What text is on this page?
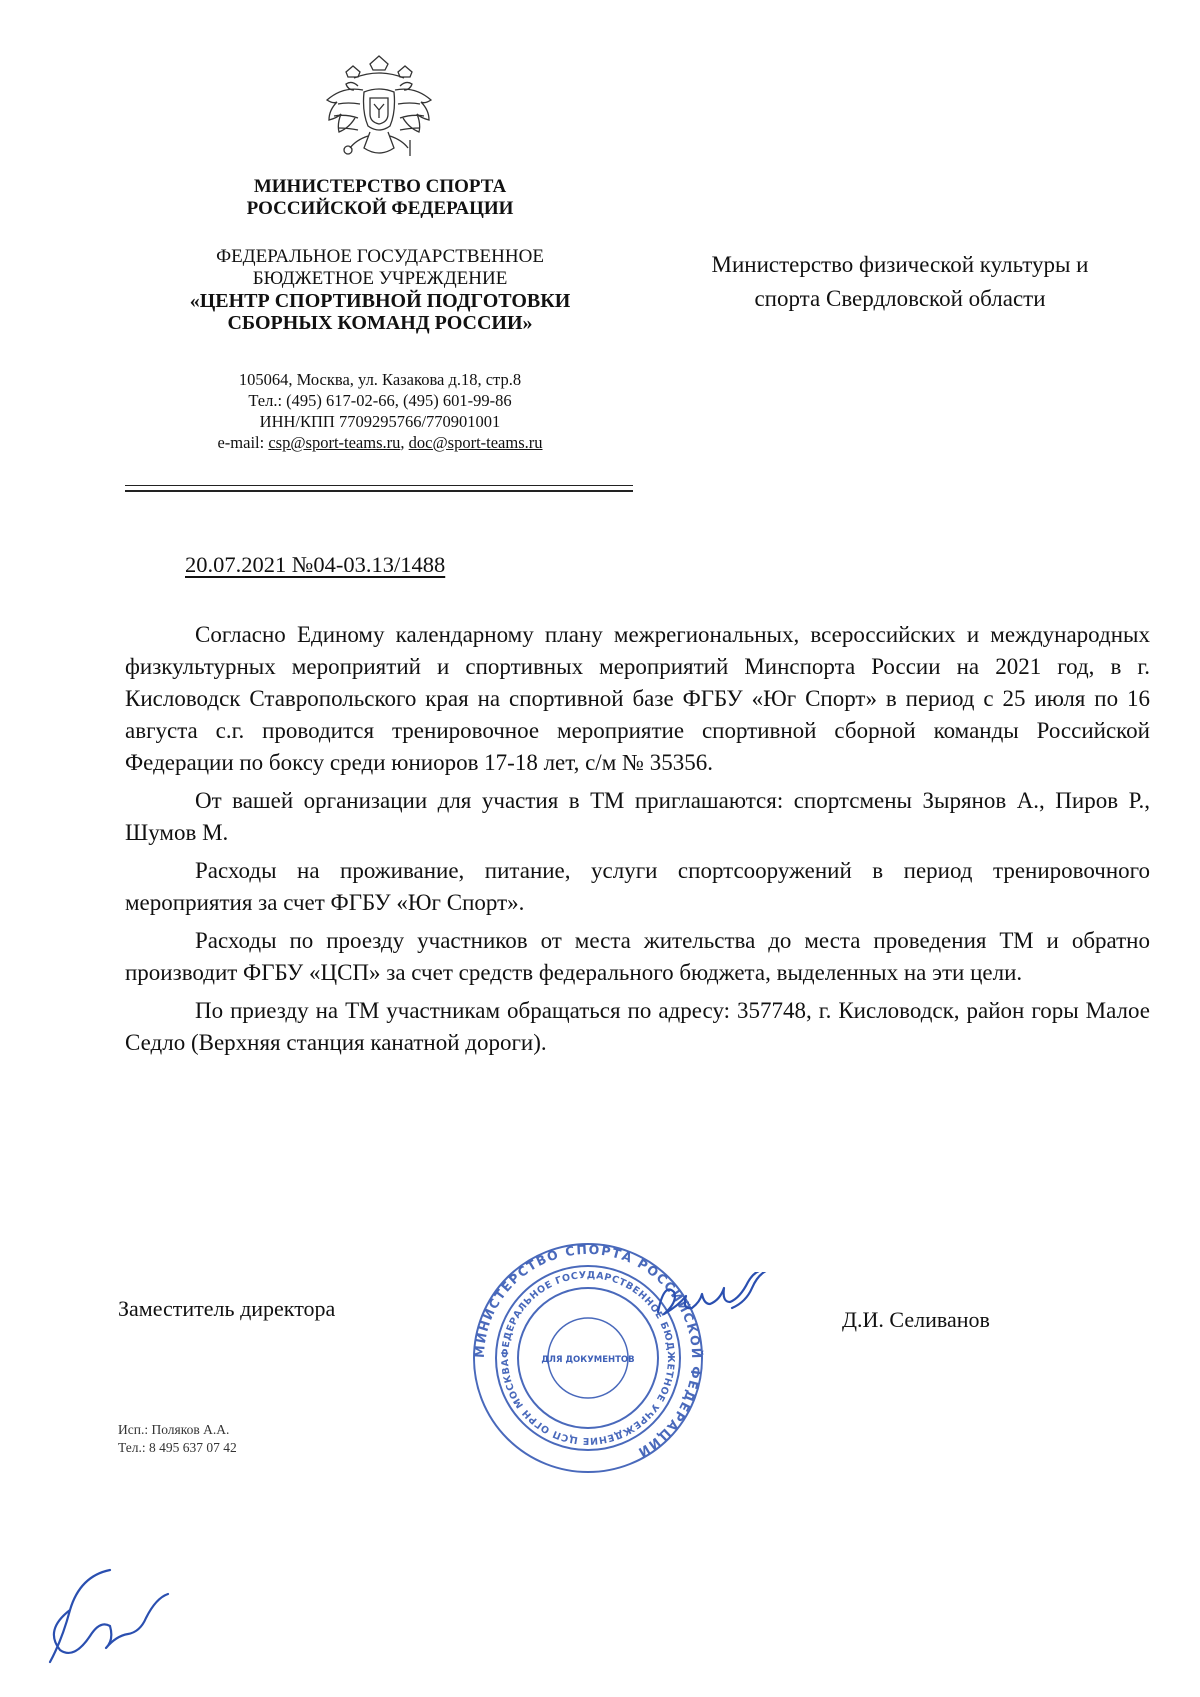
МИНИСТЕРСТВО СПОРТА
РОССИЙСКОЙ ФЕДЕРАЦИИ
ФЕДЕРАЛЬНОЕ ГОСУДАРСТВЕННОЕ
БЮДЖЕТНОЕ УЧРЕЖДЕНИЕ
«ЦЕНТР СПОРТИВНОЙ ПОДГОТОВКИ
СБОРНЫХ КОМАНД РОССИИ»
105064, Москва, ул. Казакова д.18, стр.8
Тел.: (495) 617-02-66, (495) 601-99-86
ИНН/КПП 7709295766/770901001
e-mail: csp@sport-teams.ru, doc@sport-teams.ru
Министерство физической культуры и
спорта Свердловской области
20.07.2021 №04-03.13/1488

Согласно Единому календарному плану межрегиональных, всероссийских и международных физкультурных мероприятий и спортивных мероприятий Минспорта России на 2021 год, в г. Кисловодск Ставропольского края на спортивной базе ФГБУ «Юг Спорт» в период с 25 июля по 16 августа с.г. проводится тренировочное мероприятие спортивной сборной команды Российской Федерации по боксу среди юниоров 17-18 лет, с/м № 35356.

От вашей организации для участия в ТМ приглашаются: спортсмены Зырянов А., Пиров Р., Шумов М.

Расходы на проживание, питание, услуги спортсооружений в период тренировочного мероприятия за счет ФГБУ «Юг Спорт».

Расходы по проезду участников от места жительства до места проведения ТМ и обратно производит ФГБУ «ЦСП» за счет средств федерального бюджета, выделенных на эти цели.

По приезду на ТМ участникам обращаться по адресу: 357748, г. Кисловодск, район горы Малое Седло (Верхняя станция канатной дороги).

Заместитель директора
МИНИСТЕРСТВО СПОРТА РОССИЙСКОЙ ФЕДЕРАЦИИ
ФЕДЕРАЛЬНОЕ ГОСУДАРСТВЕННОЕ БЮДЖЕТНОЕ УЧРЕЖДЕНИЕ ЦСП ОГРН МОСКВА	ДЛЯ ДОКУМЕНТОВ
Д.И. Селиванов
Исп.: Поляков А.А.
Тел.: 8 495 637 07 42
